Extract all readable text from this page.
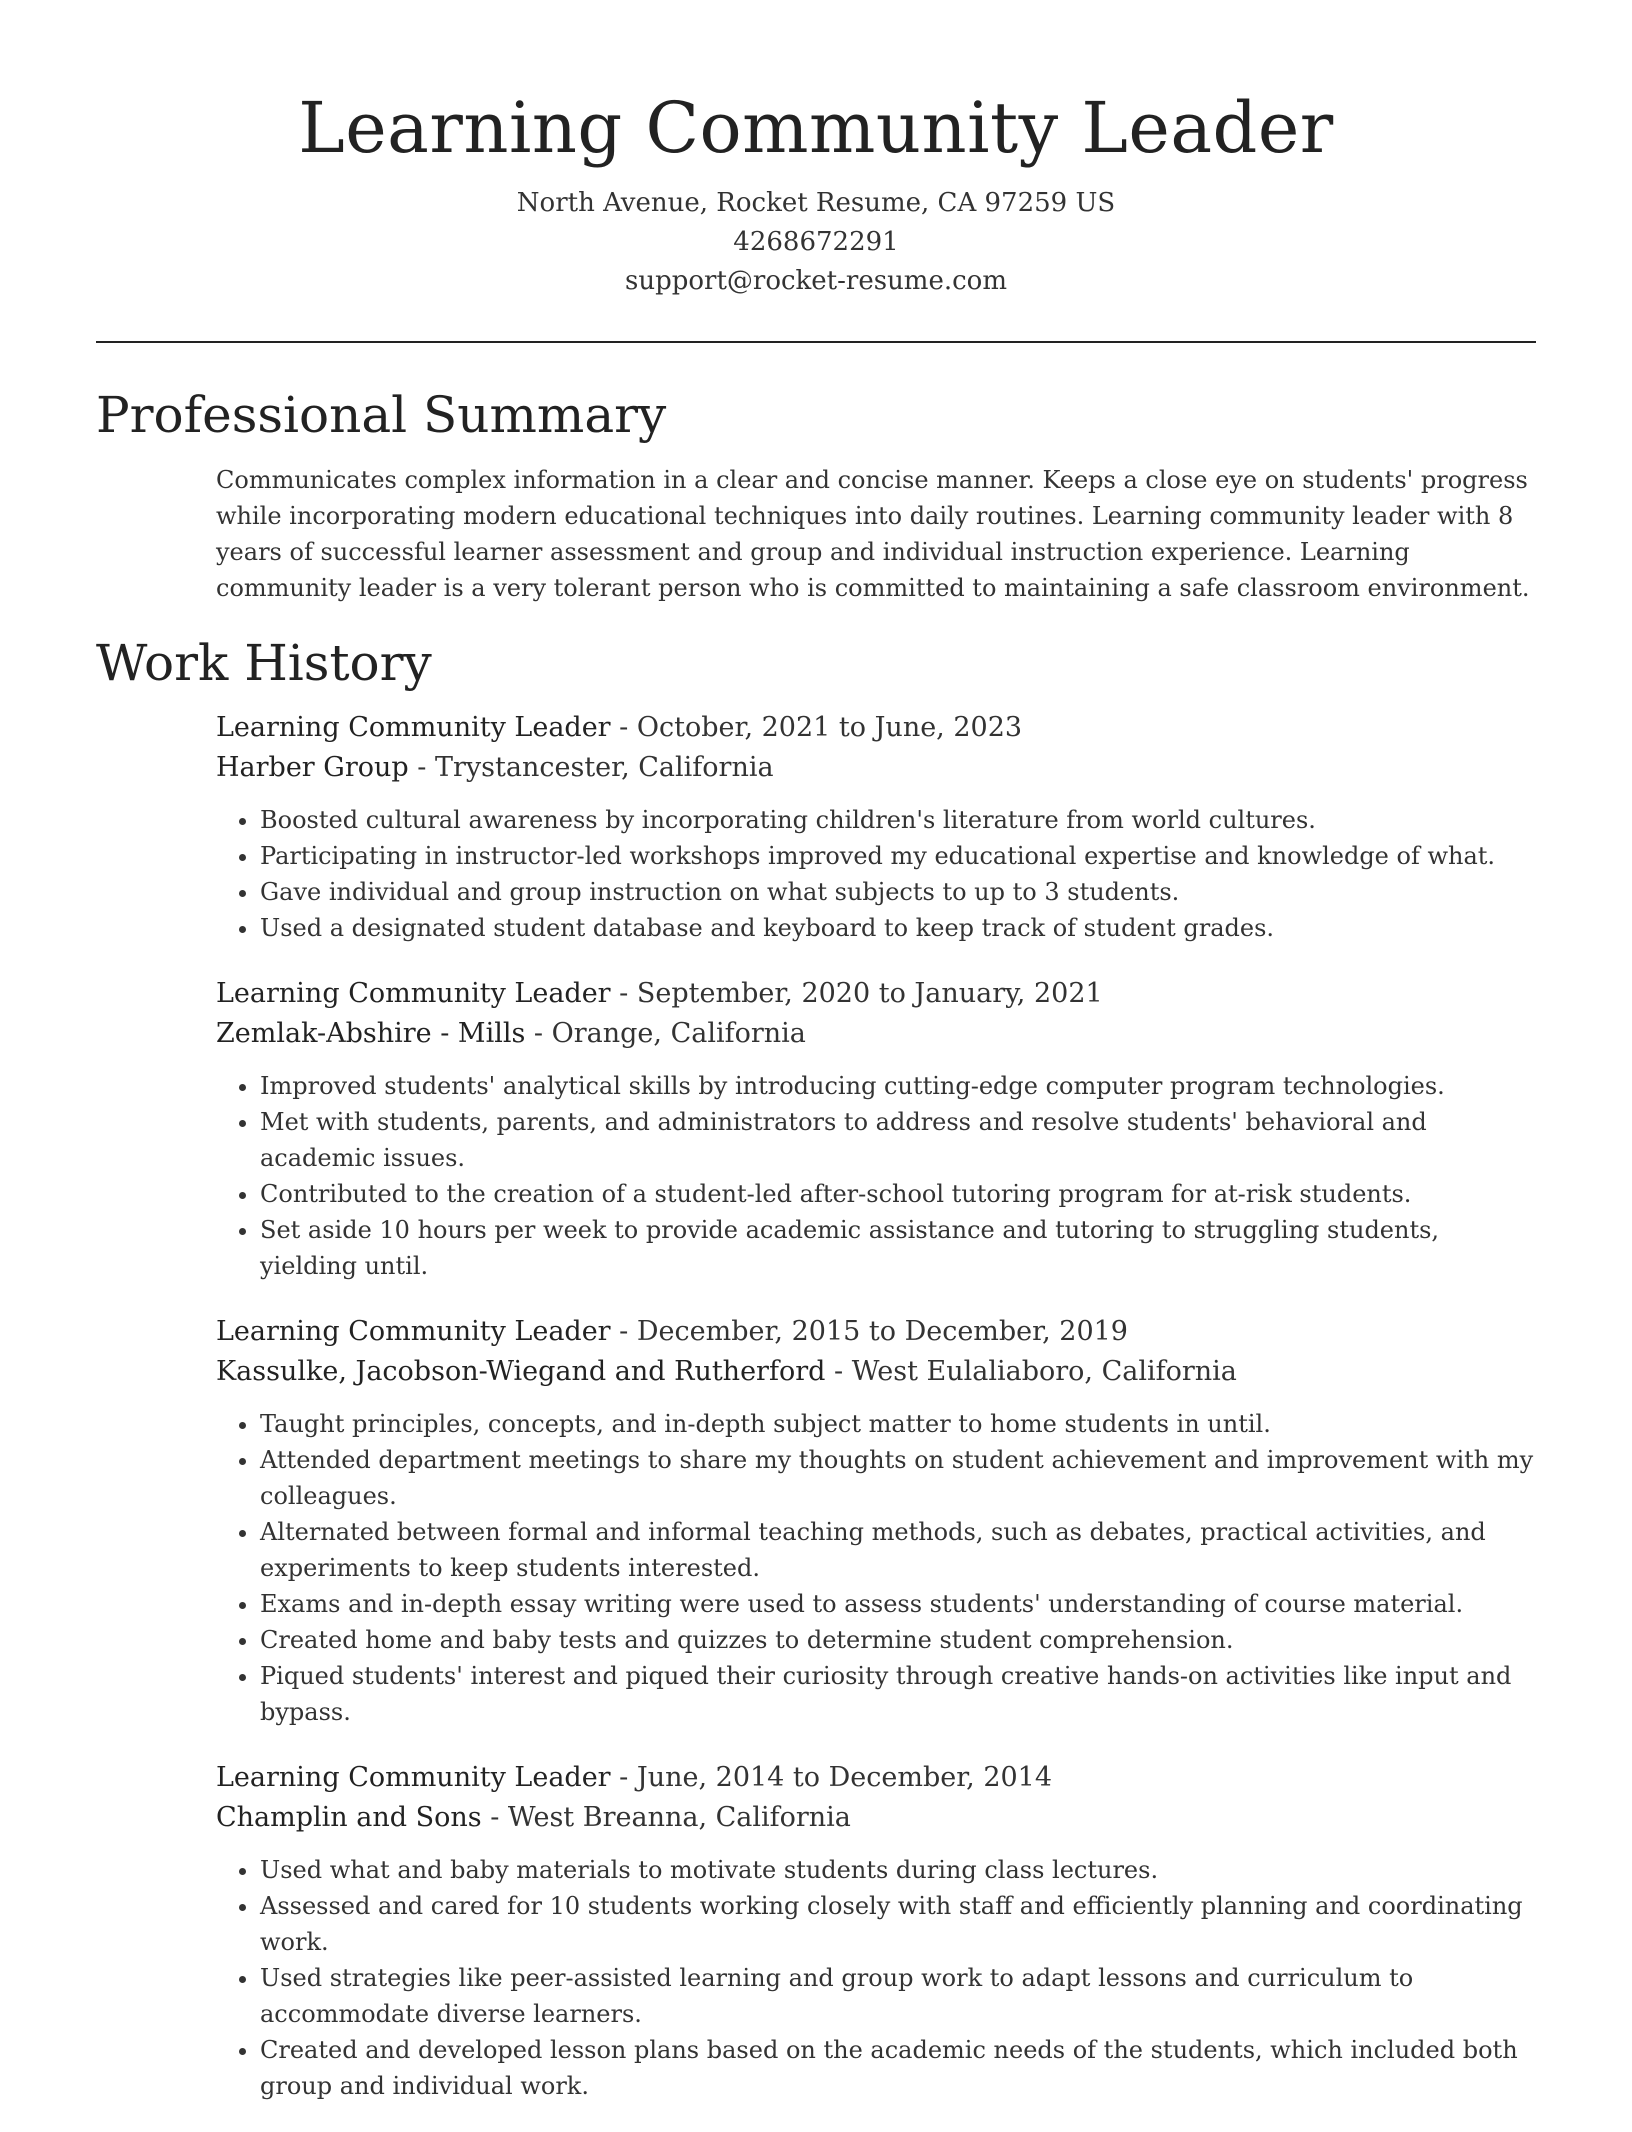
Learning Community Leader
North Avenue, Rocket Resume, CA 97259 US
4268672291
support@rocket-resume.com
Professional Summary

Communicates complex information in a clear and concise manner. Keeps a close eye on students' progress while incorporating modern educational techniques into daily routines. Learning community leader with 8 years of successful learner assessment and group and individual instruction experience. Learning community leader is a very tolerant person who is committed to maintaining a safe classroom environment.

Work History
Learning Community Leader - October, 2021 to June, 2023
Harber Group - Trystancester, California
• Boosted cultural awareness by incorporating children's literature from world cultures.
• Participating in instructor-led workshops improved my educational expertise and knowledge of what.
• Gave individual and group instruction on what subjects to up to 3 students.
• Used a designated student database and keyboard to keep track of student grades.
Learning Community Leader - September, 2020 to January, 2021
Zemlak-Abshire - Mills - Orange, California
• Improved students' analytical skills by introducing cutting-edge computer program technologies.
• Met with students, parents, and administrators to address and resolve students' behavioral and academic issues.
• Contributed to the creation of a student-led after-school tutoring program for at-risk students.
• Set aside 10 hours per week to provide academic assistance and tutoring to struggling students, yielding until.
Learning Community Leader - December, 2015 to December, 2019
Kassulke, Jacobson-Wiegand and Rutherford - West Eulaliaboro, California
• Taught principles, concepts, and in-depth subject matter to home students in until.
• Attended department meetings to share my thoughts on student achievement and improvement with my colleagues.
• Alternated between formal and informal teaching methods, such as debates, practical activities, and experiments to keep students interested.
• Exams and in-depth essay writing were used to assess students' understanding of course material.
• Created home and baby tests and quizzes to determine student comprehension.
• Piqued students' interest and piqued their curiosity through creative hands-on activities like input and bypass.
Learning Community Leader - June, 2014 to December, 2014
Champlin and Sons - West Breanna, California
• Used what and baby materials to motivate students during class lectures.
• Assessed and cared for 10 students working closely with staff and efficiently planning and coordinating work.
• Used strategies like peer-assisted learning and group work to adapt lessons and curriculum to accommodate diverse learners.
• Created and developed lesson plans based on the academic needs of the students, which included both group and individual work.
